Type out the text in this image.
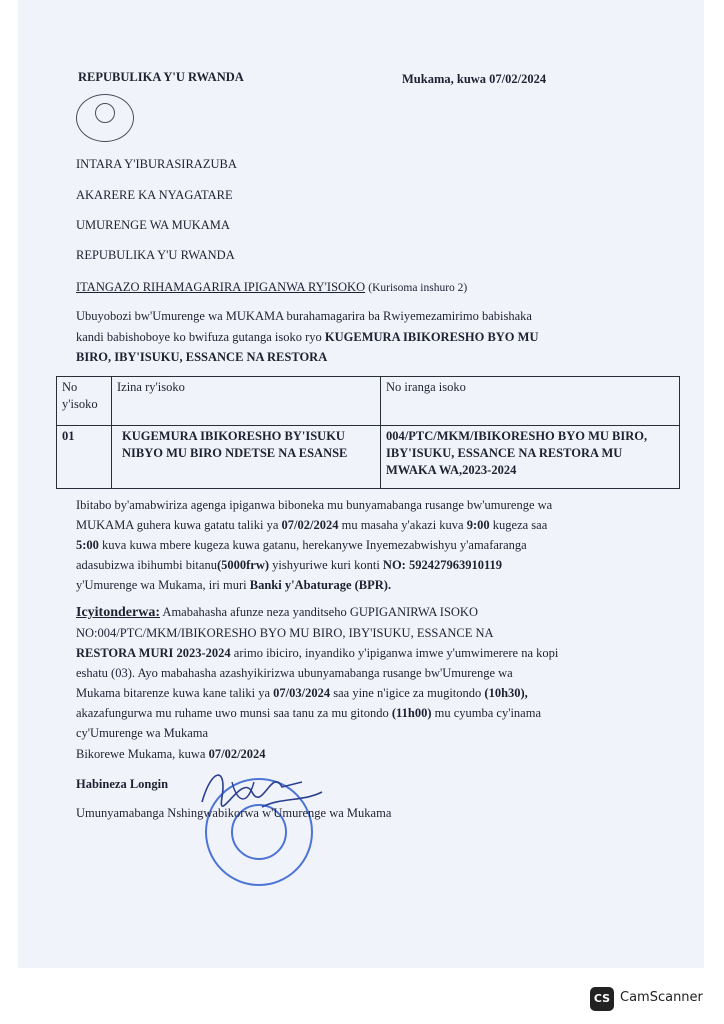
REPUBULIKA Y'U RWANDA	Mukama, kuwa 07/02/2024
INTARA Y'IBURASIRAZUBA
AKARERE KA NYAGATARE
UMURENGE WA MUKAMA
REPUBULIKA Y'U RWANDA
ITANGAZO RIHAMAGARIRA IPIGANWA RY'ISOKO (Kurisoma inshuro 2)
Ubuyobozi bw'Umurenge wa MUKAMA burahamagarira ba Rwiyemezamirimo babishaka
kandi babishoboye ko bwifuza gutanga isoko ryo KUGEMURA IBIKORESHO BYO MU
BIRO, IBY'ISUKU, ESSANCE NA RESTORA
No y'isoko	Izina ry'isoko	No iranga isoko
01	KUGEMURA IBIKORESHO BY'ISUKU NIBYO MU BIRO NDETSE NA ESANSE	004/PTC/MKM/IBIKORESHO BYO MU BIRO, IBY'ISUKU, ESSANCE NA RESTORA MU MWAKA WA,2023-2024
Ibitabo by'amabwiriza agenga ipiganwa biboneka mu bunyamabanga rusange bw'umurenge wa
MUKAMA guhera kuwa gatatu taliki ya 07/02/2024 mu masaha y'akazi kuva 9:00 kugeza saa
5:00 kuva kuwa mbere kugeza kuwa gatanu, herekanywe Inyemezabwishyu y'amafaranga
adasubizwa ibihumbi bitanu(5000frw) yishyuriwe kuri konti NO: 592427963910119
y'Umurenge wa Mukama, iri muri Banki y'Abaturage (BPR).
Icyitonderwa: Amabahasha afunze neza yanditseho GUPIGANIRWA ISOKO
NO:004/PTC/MKM/IBIKORESHO BYO MU BIRO, IBY'ISUKU, ESSANCE NA
RESTORA MURI 2023-2024 arimo ibiciro, inyandiko y'ipiganwa imwe y'umwimerere na kopi
eshatu (03). Ayo mabahasha azashyikirizwa ubunyamabanga rusange bw'Umurenge wa
Mukama bitarenze kuwa kane taliki ya 07/03/2024 saa yine n'igice za mugitondo (10h30),
akazafungurwa mu ruhame uwo munsi saa tanu za mu gitondo (11h00) mu cyumba cy'inama
cy'Umurenge wa Mukama
Bikorewe Mukama, kuwa 07/02/2024
Habineza Longin
Umunyamabanga Nshingwabikorwa w'Umurenge wa Mukama
CS CamScanner
